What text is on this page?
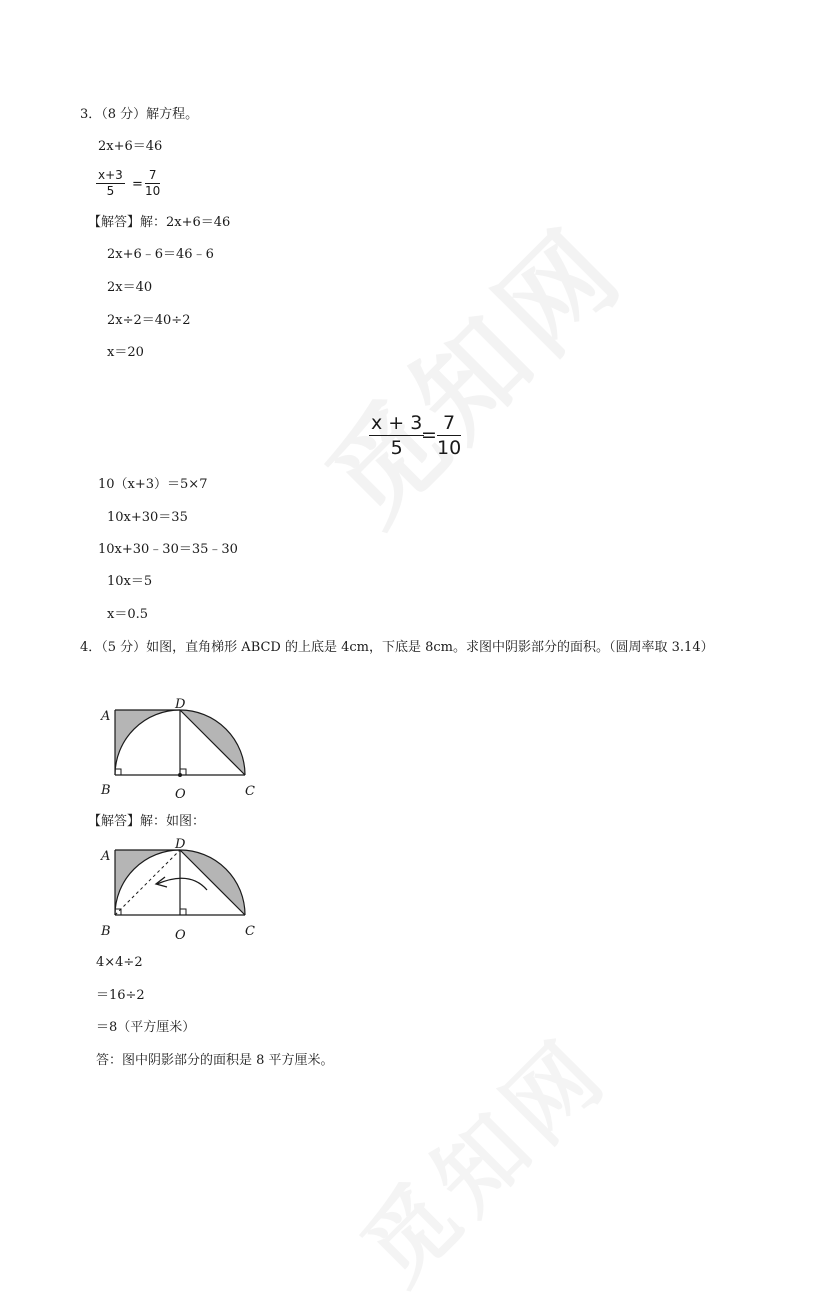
3．（8 分）解方程。
2x+6＝46
$\frac{x+3}{5} = \frac{7}{10}$
【解答】解：2x+6＝46
2x+6﹣6＝46﹣6
2x＝40
2x÷2＝40÷2
x＝20
$\frac{x + 3}{5}$
= $\frac{7}{10}$
10（x+3）＝5×7
10x+30＝35
10x+30﹣30＝35﹣30
10x＝5
x＝0.5
4．（5 分）如图，直角梯形 ABCD 的上底是 4cm，下底是 8cm。求图中阴影部分的面积。（圆周率取 3.14）
A
D
B	O	C
【解答】解：如图：
A
D
B	O	C
4×4÷2
＝16÷2
＝8（平方厘米）
答：图中阴影部分的面积是 8 平方厘米。
